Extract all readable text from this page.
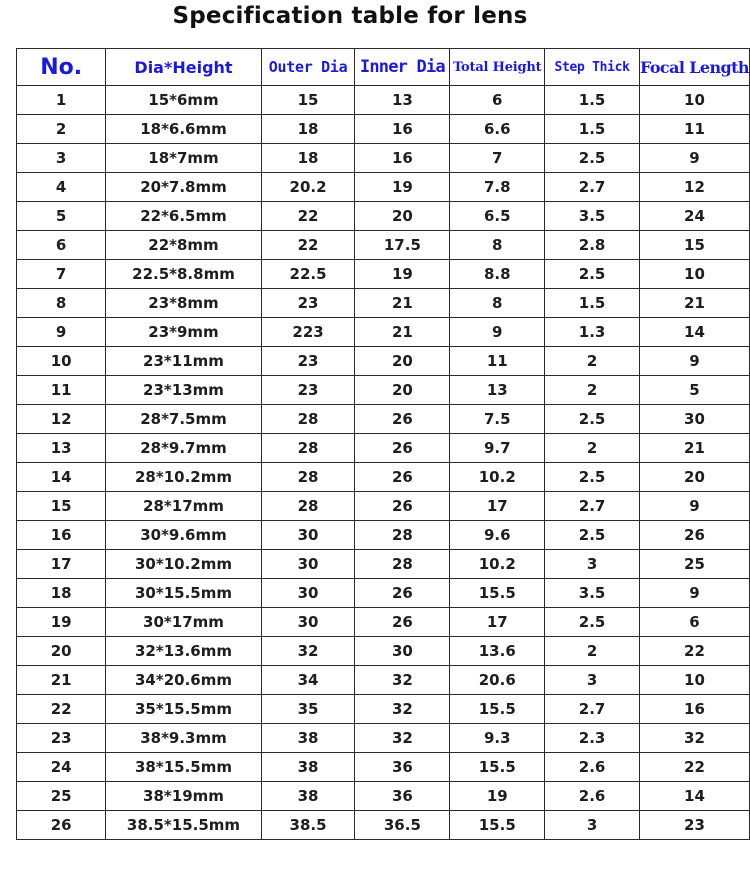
Specification table for lens
No.	Dia*Height	Outer Dia	Inner Dia	Total Height	Step Thick	Focal Length
1	15*6mm	15	13	6	1.5	10
2	18*6.6mm	18	16	6.6	1.5	11
3	18*7mm	18	16	7	2.5	9
4	20*7.8mm	20.2	19	7.8	2.7	12
5	22*6.5mm	22	20	6.5	3.5	24
6	22*8mm	22	17.5	8	2.8	15
7	22.5*8.8mm	22.5	19	8.8	2.5	10
8	23*8mm	23	21	8	1.5	21
9	23*9mm	223	21	9	1.3	14
10	23*11mm	23	20	11	2	9
11	23*13mm	23	20	13	2	5
12	28*7.5mm	28	26	7.5	2.5	30
13	28*9.7mm	28	26	9.7	2	21
14	28*10.2mm	28	26	10.2	2.5	20
15	28*17mm	28	26	17	2.7	9
16	30*9.6mm	30	28	9.6	2.5	26
17	30*10.2mm	30	28	10.2	3	25
18	30*15.5mm	30	26	15.5	3.5	9
19	30*17mm	30	26	17	2.5	6
20	32*13.6mm	32	30	13.6	2	22
21	34*20.6mm	34	32	20.6	3	10
22	35*15.5mm	35	32	15.5	2.7	16
23	38*9.3mm	38	32	9.3	2.3	32
24	38*15.5mm	38	36	15.5	2.6	22
25	38*19mm	38	36	19	2.6	14
26	38.5*15.5mm	38.5	36.5	15.5	3	23
